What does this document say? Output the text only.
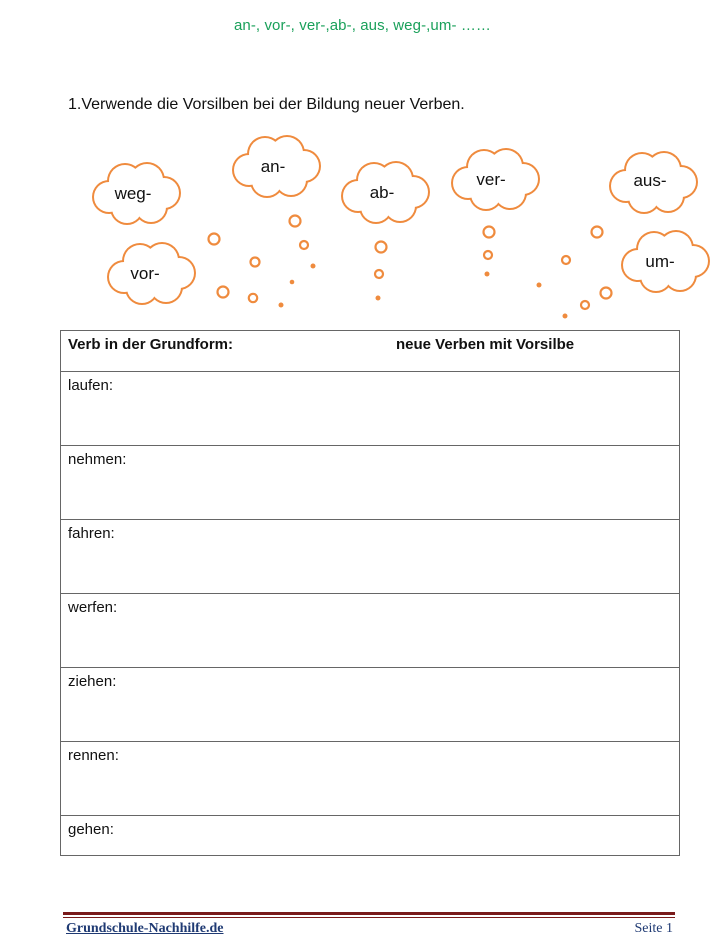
an-, vor-, ver-,ab-, aus, weg-,um- ……
1.Verwende die Vorsilben bei der Bildung neuer Verben.
weg-
an-
ab-
ver-	aus-
vor-
um-
Verb in der Grundform:	neue Verben mit Vorsilbe
laufen:
nehmen:
fahren:
werfen:
ziehen:
rennen:
gehen:
Grundschule-Nachhilfe.de	Seite 1
